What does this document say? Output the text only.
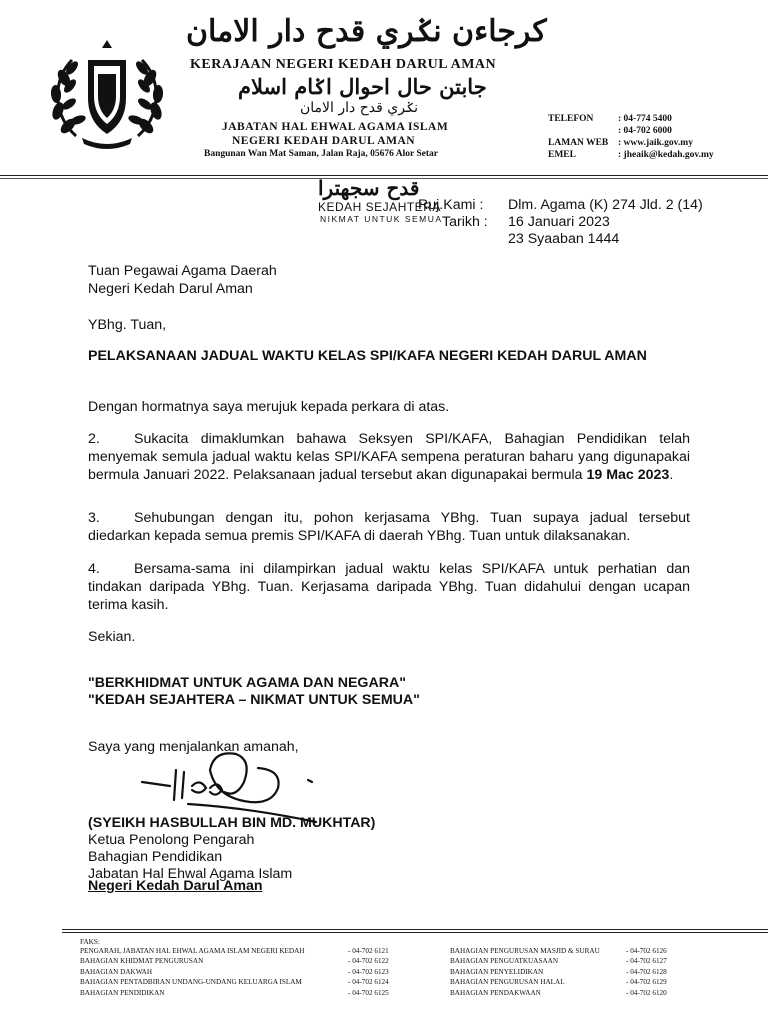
كرجاءن نݢري قدح دار الامان
KERAJAAN NEGERI KEDAH DARUL AMAN
جابتن حال احوال اݢام اسلام
نݢري قدح دار الامان
JABATAN HAL EHWAL AGAMA ISLAM
NEGERI KEDAH DARUL AMAN
Bangunan Wan Mat Saman, Jalan Raja, 05676 Alor Setar
TELEFON	: 04-774 5400
: 04-702 6000
LAMAN WEB : www.jaik.gov.my
EMEL	: jheaik@kedah.gov.my
قدح سجهترا
KEDAH SEJAHTERA
NIKMAT UNTUK SEMUA
Ruj.Kami : Dlm. Agama (K) 274 Jld. 2 (14)
Tarikh : 16 Januari 2023
23 Syaaban 1444
Tuan Pegawai Agama Daerah
Negeri Kedah Darul Aman
YBhg. Tuan,
PELAKSANAAN JADUAL WAKTU KELAS SPI/KAFA NEGERI KEDAH DARUL AMAN
Dengan hormatnya saya merujuk kepada perkara di atas.
2. Sukacita dimaklumkan bahawa Seksyen SPI/KAFA, Bahagian Pendidikan telah menyemak semula jadual waktu kelas SPI/KAFA sempena peraturan baharu yang digunapakai bermula Januari 2022. Pelaksanaan jadual tersebut akan digunapakai bermula 19 Mac 2023.
3. Sehubungan dengan itu, pohon kerjasama YBhg. Tuan supaya jadual tersebut diedarkan kepada semua premis SPI/KAFA di daerah YBhg. Tuan untuk dilaksanakan.
4. Bersama-sama ini dilampirkan jadual waktu kelas SPI/KAFA untuk perhatian dan tindakan daripada YBhg. Tuan. Kerjasama daripada YBhg. Tuan didahului dengan ucapan terima kasih.
Sekian.
"BERKHIDMAT UNTUK AGAMA DAN NEGARA"
"KEDAH SEJAHTERA – NIKMAT UNTUK SEMUA"
Saya yang menjalankan amanah,
(SYEIKH HASBULLAH BIN MD. MUKHTAR)
Ketua Penolong Pengarah
Bahagian Pendidikan
Jabatan Hal Ehwal Agama Islam
Negeri Kedah Darul Aman
FAKS:
PENGARAH, JABATAN HAL EHWAL AGAMA ISLAM NEGERI KEDAH	- 04-702 6121
BAHAGIAN KHIDMAT PENGURUSAN	- 04-702 6122
BAHAGIAN DAKWAH	- 04-702 6123
BAHAGIAN PENTADBIRAN UNDANG-UNDANG KELUARGA ISLAM	- 04-702 6124
BAHAGIAN PENDIDIKAN	- 04-702 6125
BAHAGIAN PENGURUSAN MASJID & SURAU	- 04-702 6126
BAHAGIAN PENGUATKUASAAN	- 04-702 6127
BAHAGIAN PENYELIDIKAN	- 04-702 6128
BAHAGIAN PENGURUSAN HALAL	- 04-702 6129
BAHAGIAN PENDAKWAAN	- 04-702 6120
